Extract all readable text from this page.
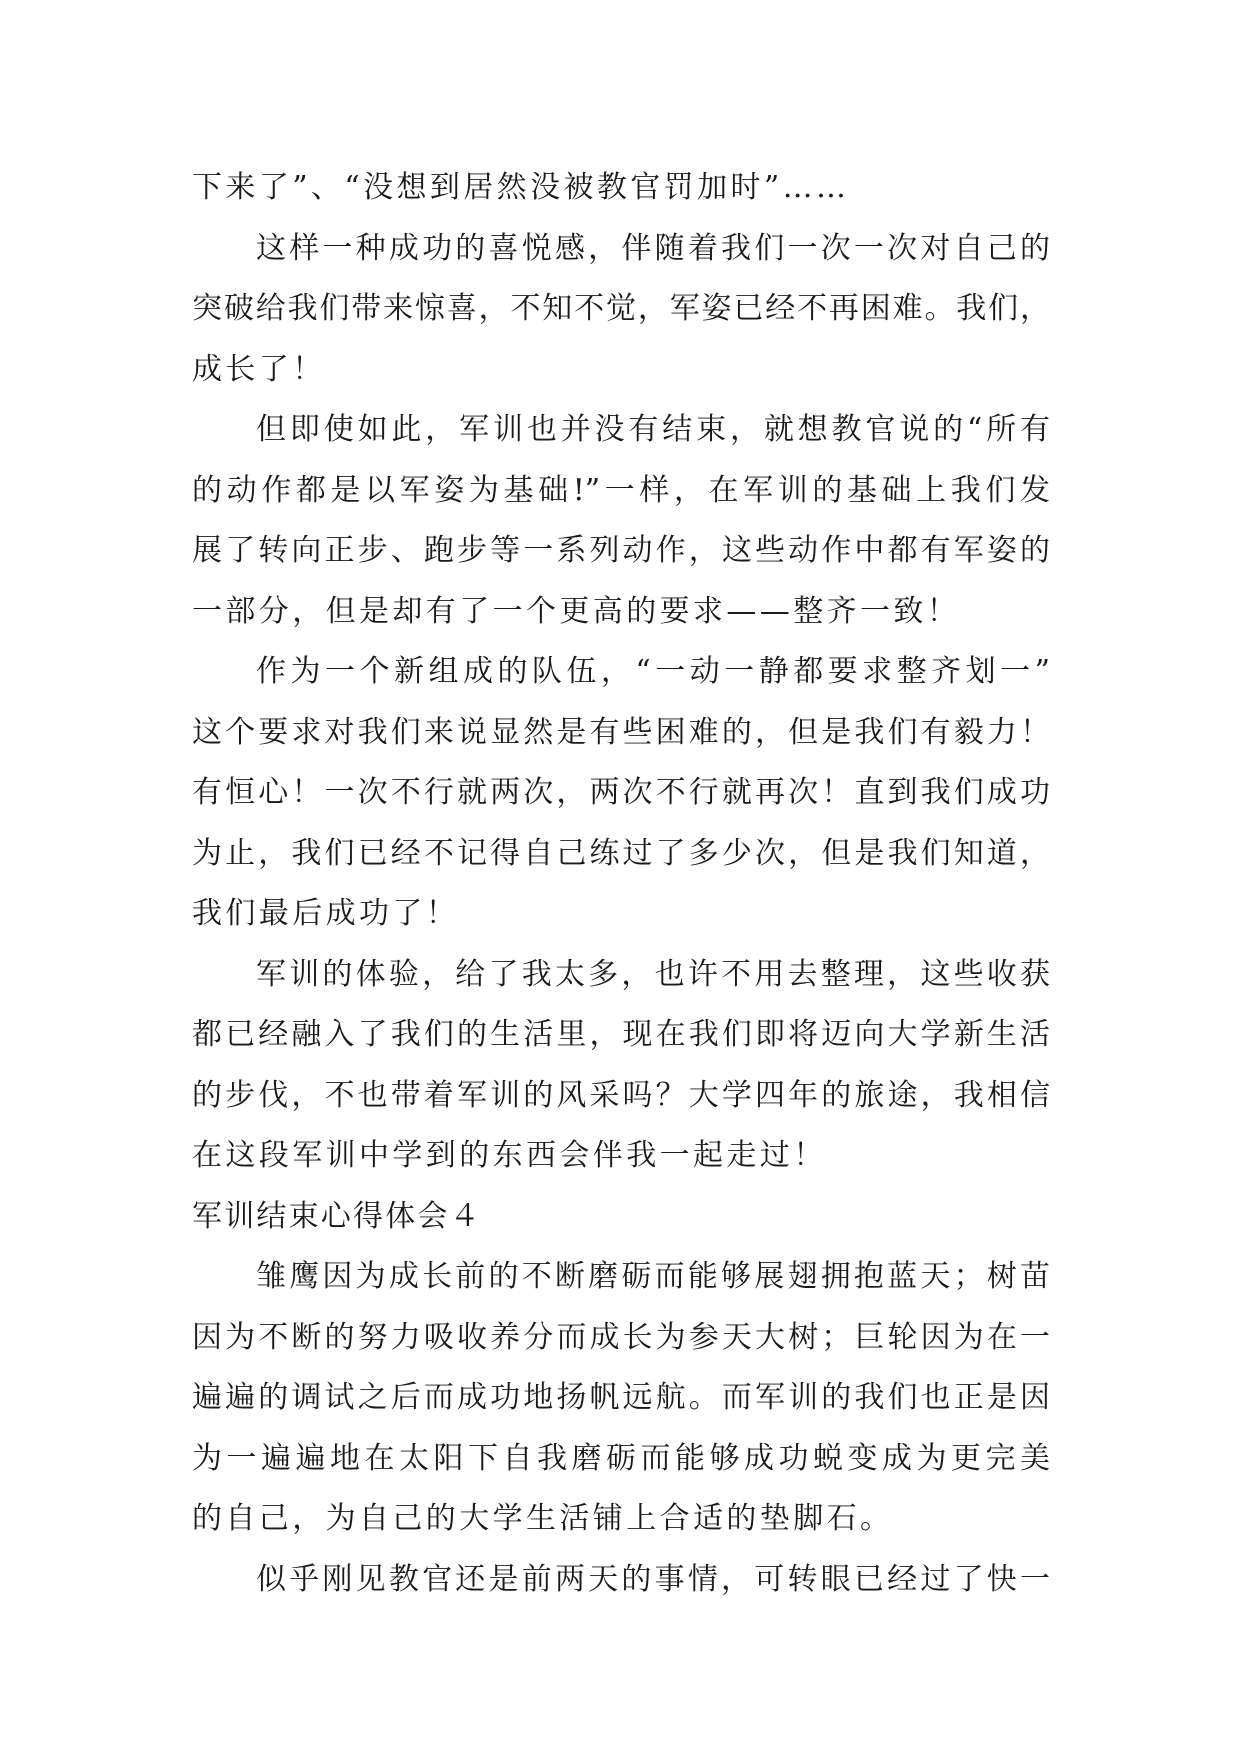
下来了”、“没想到居然没被教官罚加时”……
这样一种成功的喜悦感，伴随着我们一次一次对自己的
突破给我们带来惊喜，不知不觉，军姿已经不再困难。我们，
成长了！
但即使如此，军训也并没有结束，就想教官说的“所有
的动作都是以军姿为基础!”一样，在军训的基础上我们发
展了转向正步、跑步等一系列动作，这些动作中都有军姿的
一部分，但是却有了一个更高的要求——整齐一致！
作为一个新组成的队伍，“一动一静都要求整齐划一”
这个要求对我们来说显然是有些困难的，但是我们有毅力！
有恒心！一次不行就两次，两次不行就再次！直到我们成功
为止，我们已经不记得自己练过了多少次，但是我们知道，
我们最后成功了！
军训的体验，给了我太多，也许不用去整理，这些收获
都已经融入了我们的生活里，现在我们即将迈向大学新生活
的步伐，不也带着军训的风采吗？大学四年的旅途，我相信
在这段军训中学到的东西会伴我一起走过！
军训结束心得体会４
雏鹰因为成长前的不断磨砺而能够展翅拥抱蓝天；树苗
因为不断的努力吸收养分而成长为参天大树；巨轮因为在一
遍遍的调试之后而成功地扬帆远航。而军训的我们也正是因
为一遍遍地在太阳下自我磨砺而能够成功蜕变成为更完美
的自己，为自己的大学生活铺上合适的垫脚石。
似乎刚见教官还是前两天的事情，可转眼已经过了快一
